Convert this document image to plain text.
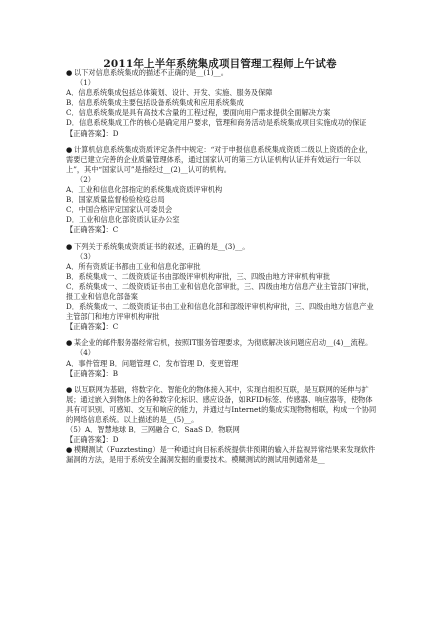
2011年上半年系统集成项目管理工程师上午试卷

● 以下对信息系统集成的描述不正确的是__(1)__。

（1）

A．信息系统集成包括总体策划、设计、开发、实施、服务及保障

B．信息系统集成主要包括设备系统集成和应用系统集成

C．信息系统集成是具有高技术含量的工程过程，要面向用户需求提供全面解决方案

D．信息系统集成工作的核心是确定用户要求，管理和商务活动是系统集成项目实施成功的保证

【正确答案】：D

● 计算机信息系统集成资质评定条件中规定：“对于申报信息系统集成资质二级以上资质的企业，需要已建立完善的企业质量管理体系，通过国家认可的第三方认证机构认证并有效运行一年以上”，其中“国家认可”是指经过__(2)__认可的机构。

（2）

A．工业和信息化部指定的系统集成资质评审机构

B．国家质量监督检验检疫总局

C．中国合格评定国家认可委员会

D．工业和信息化部资质认证办公室

【正确答案】：C

● 下列关于系统集成资质证书的叙述，正确的是__(3)__。

（3）

A．所有资质证书都由工业和信息化部审批

B．系统集成一、二级资质证书由部级评审机构审批，三、四级由地方评审机构审批

C．系统集成一、二级资质证书由工业和信息化部审批，三、四级由地方信息产业主管部门审批，报工业和信息化部备案

D．系统集成一、二级资质证书由工业和信息化部和部级评审机构审批，三、四级由地方信息产业主管部门和地方评审机构审批

【正确答案】：C

● 某企业的邮件服务器经常宕机，按照IT服务管理要求，为彻底解决该问题应启动__(4)__流程。

（4）

A．事件管理 B．问题管理 C．发布管理 D．变更管理

【正确答案】：B

● 以互联网为基础，将数字化、智能化的物体接入其中，实现自组织互联，是互联网的延伸与扩展；通过嵌入到物体上的各种数字化标识、感应设备，如RFID标签、传感器、响应器等，使物体具有可识别、可感知、交互和响应的能力，并通过与Internet的集成实现物物相联，构成一个协同的网络信息系统。以上描述的是__(5)__。

（5）A．智慧地球 B．三网融合 C．SaaS D．物联网

【正确答案】：D

● 模糊测试（Fuzztesting）是一种通过向目标系统提供非预期的输入并监视异常结果来发现软件漏洞的方法，是用于系统安全漏洞发掘的重要技术。模糊测试的测试用例通常是__
